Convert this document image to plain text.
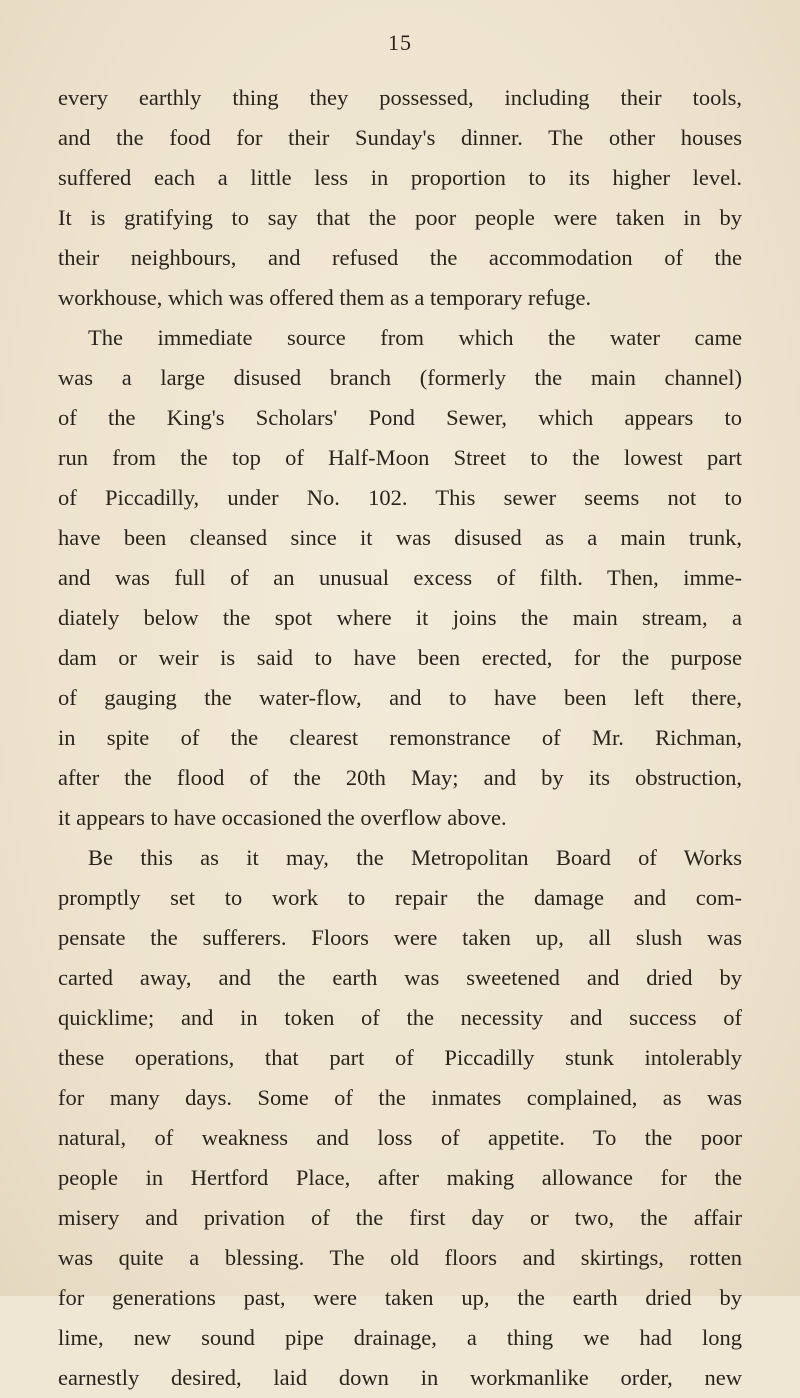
15
every earthly thing they possessed, including their tools,
and the food for their Sunday's dinner. The other houses
suffered each a little less in proportion to its higher level.
It is gratifying to say that the poor people were taken in by
their neighbours, and refused the accommodation of the
workhouse, which was offered them as a temporary refuge.
The immediate source from which the water came
was a large disused branch (formerly the main channel)
of the King's Scholars' Pond Sewer, which appears to
run from the top of Half-Moon Street to the lowest part
of Piccadilly, under No. 102. This sewer seems not to
have been cleansed since it was disused as a main trunk,
and was full of an unusual excess of filth. Then, imme-
diately below the spot where it joins the main stream, a
dam or weir is said to have been erected, for the purpose
of gauging the water-flow, and to have been left there,
in spite of the clearest remonstrance of Mr. Richman,
after the flood of the 20th May; and by its obstruction,
it appears to have occasioned the overflow above.
Be this as it may, the Metropolitan Board of Works
promptly set to work to repair the damage and com-
pensate the sufferers. Floors were taken up, all slush was
carted away, and the earth was sweetened and dried by
quicklime; and in token of the necessity and success of
these operations, that part of Piccadilly stunk intolerably
for many days. Some of the inmates complained, as was
natural, of weakness and loss of appetite. To the poor
people in Hertford Place, after making allowance for the
misery and privation of the first day or two, the affair
was quite a blessing. The old floors and skirtings, rotten
for generations past, were taken up, the earth dried by
lime, new sound pipe drainage, a thing we had long
earnestly desired, laid down in workmanlike order, new
